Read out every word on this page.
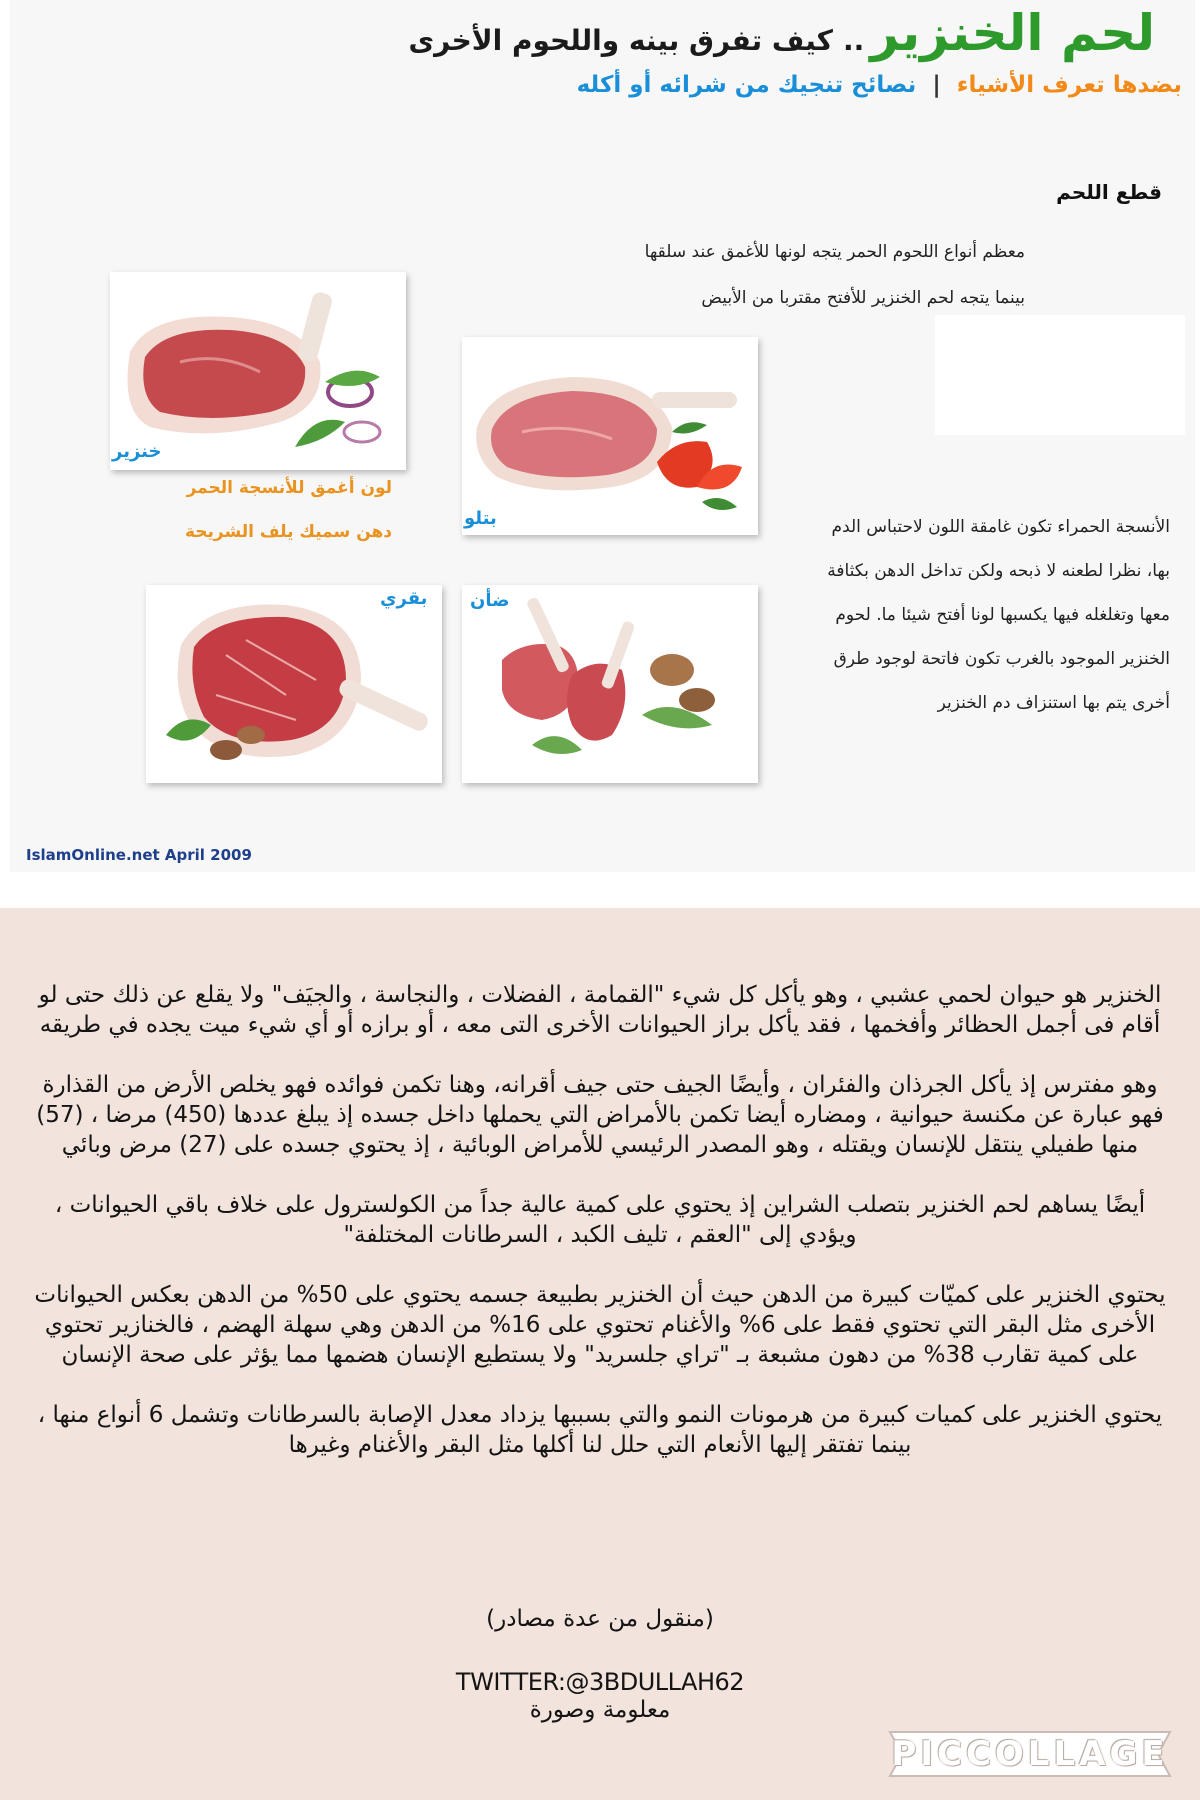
لحم الخنزير
..
كيف تفرق بينه واللحوم الأخرى
بضدها تعرف الأشياء | نصائح تنجيك من شرائه أو أكله
قطع اللحم
معظم أنواع اللحوم الحمر يتجه لونها للأغمق عند سلقها
بينما يتجه لحم الخنزير للأفتح مقتربا من الأبيض
خنزير
لون أغمق للأنسجة الحمر
دهن سميك يلف الشريحة
بتلو
بقري ضأن
الأنسجة الحمراء تكون غامقة اللون لاحتباس الدم بها، نظرا لطعنه لا ذبحه ولكن تداخل الدهن بكثافة معها وتغلغله فيها يكسبها لونا أفتح شيئا ما. لحوم الخنزير الموجود بالغرب تكون فاتحة لوجود طرق أخرى يتم بها استنزاف دم الخنزير
IslamOnline.net April 2009

الخنزير هو حيوان لحمي عشبي ، وهو يأكل كل شيء "القمامة ، الفضلات ، والنجاسة ، والجيَف" ولا يقلع عن ذلك حتى لو أقام فى أجمل الحظائر وأفخمها ، فقد يأكل براز الحيوانات الأخرى التى معه ، أو برازه أو أي شيء ميت يجده في طريقه

وهو مفترس إذ يأكل الجرذان والفئران ، وأيضًا الجيف حتى جيف أقرانه، وهنا تكمن فوائده فهو يخلص الأرض من القذارة فهو عبارة عن مكنسة حيوانية ، ومضاره أيضا تكمن بالأمراض التي يحملها داخل جسده إذ يبلغ عددها (450) مرضا ، (57) منها طفيلي ينتقل للإنسان ويقتله ، وهو المصدر الرئيسي للأمراض الوبائية ، إذ يحتوي جسده على (27) مرض وبائي

أيضًا يساهم لحم الخنزير بتصلب الشراين إذ يحتوي على كمية عالية جداً من الكولسترول على خلاف باقي الحيوانات ، ويؤدي إلى "العقم ، تليف الكبد ، السرطانات المختلفة"

يحتوي الخنزير على كميّات كبيرة من الدهن حيث أن الخنزير بطبيعة جسمه يحتوي على 50% من الدهن بعكس الحيوانات الأخرى مثل البقر التي تحتوي فقط على 6% والأغنام تحتوي على 16% من الدهن وهي سهلة الهضم ، فالخنازير تحتوي على كمية تقارب 38% من دهون مشبعة بـ "تراي جلسريد" ولا يستطيع الإنسان هضمها مما يؤثر على صحة الإنسان

يحتوي الخنزير على كميات كبيرة من هرمونات النمو والتي بسببها يزداد معدل الإصابة بالسرطانات وتشمل 6 أنواع منها ، بينما تفتقر إليها الأنعام التي حلل لنا أكلها مثل البقر والأغنام وغيرها

(منقول من عدة مصادر)
TWITTER:@3BDULLAH62
معلومة وصورة
PICCOLLAGE
